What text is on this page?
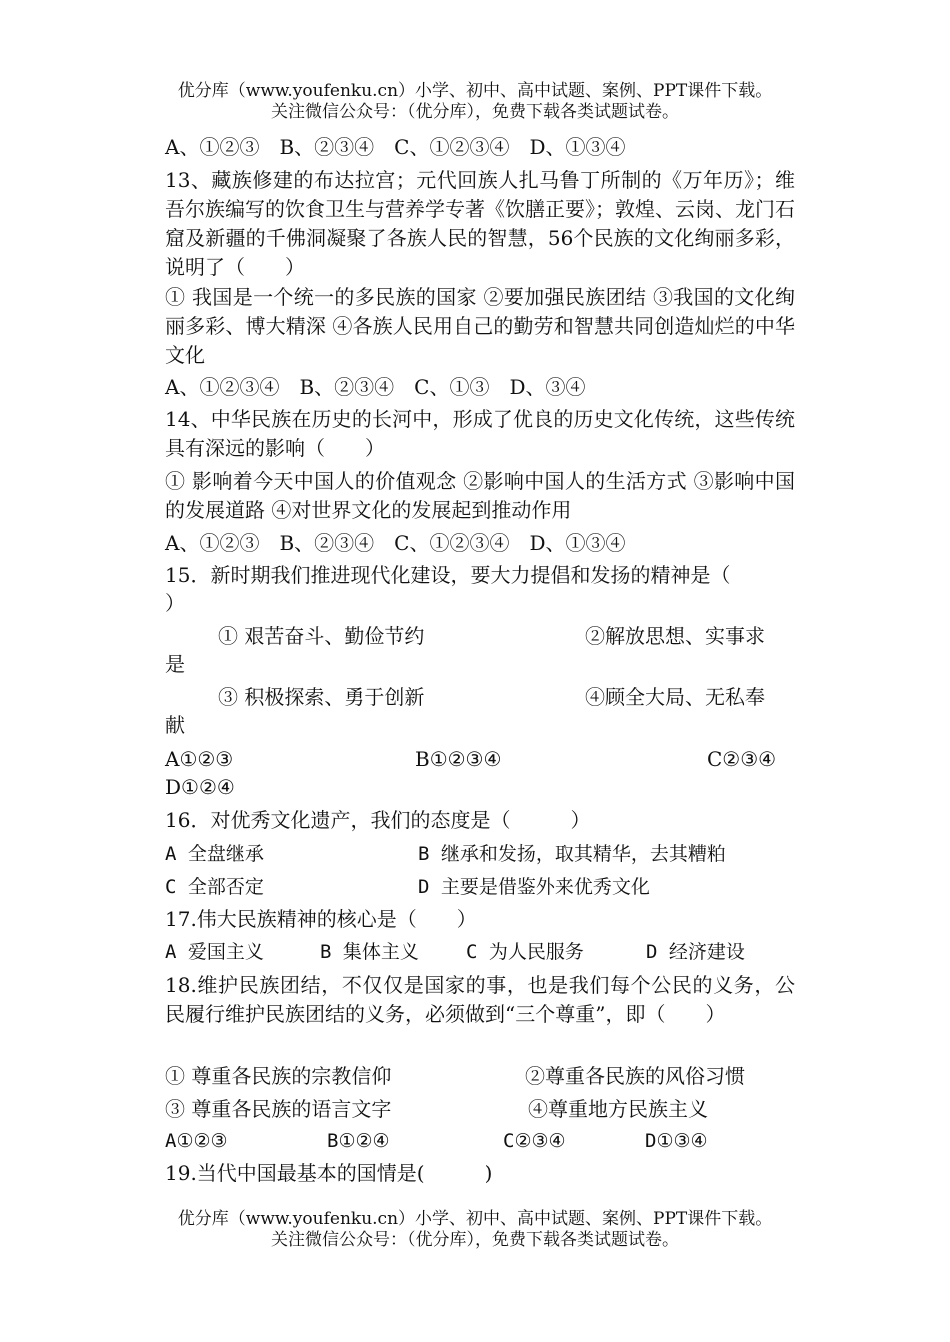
优分库（www.youfenku.cn）小学、初中、高中试题、案例、PPT课件下载。
关注微信公众号：（优分库），免费下载各类试题试卷。
A、①②③　B、②③④　C、①②③④　D、①③④
13、藏族修建的布达拉宫；元代回族人扎马鲁丁所制的《万年历》；维吾尔族编写的饮食卫生与营养学专著《饮膳正要》；敦煌、云岗、龙门石窟及新疆的千佛洞凝聚了各族人民的智慧，56个民族的文化绚丽多彩，说明了（　　）
① 我国是一个统一的多民族的国家 ②要加强民族团结 ③我国的文化绚丽多彩、博大精深 ④各族人民用自己的勤劳和智慧共同创造灿烂的中华文化
A、①②③④　B、②③④　C、①③　D、③④
14、中华民族在历史的长河中，形成了优良的历史文化传统，这些传统具有深远的影响（　　）
① 影响着今天中国人的价值观念 ②影响中国人的生活方式 ③影响中国的发展道路 ④对世界文化的发展起到推动作用
A、①②③　B、②③④　C、①②③④　D、①③④
15．新时期我们推进现代化建设，要大力提倡和发扬的精神是（
）
① 艰苦奋斗、勤俭节约	②解放思想、实事求
是
③ 积极探索、勇于创新	④顾全大局、无私奉
献
A①②③	B①②③④	C②③④
D①②④
16．对优秀文化遗产，我们的态度是（　　　）
A 全盘继承	B 继承和发扬，取其精华，去其糟粕
C 全部否定	D 主要是借鉴外来优秀文化
17.伟大民族精神的核心是（　　）
A 爱国主义	B 集体主义 C 为人民服务	D 经济建设
18.维护民族团结，不仅仅是国家的事，也是我们每个公民的义务，公民履行维护民族团结的义务，必须做到“三个尊重”，即（　　）
① 尊重各民族的宗教信仰	②尊重各民族的风俗习惯
③ 尊重各民族的语言文字	④尊重地方民族主义
A①②③	B①②④	C②③④	D①③④
19.当代中国最基本的国情是(　　　)
优分库（www.youfenku.cn）小学、初中、高中试题、案例、PPT课件下载。
关注微信公众号：（优分库），免费下载各类试题试卷。
